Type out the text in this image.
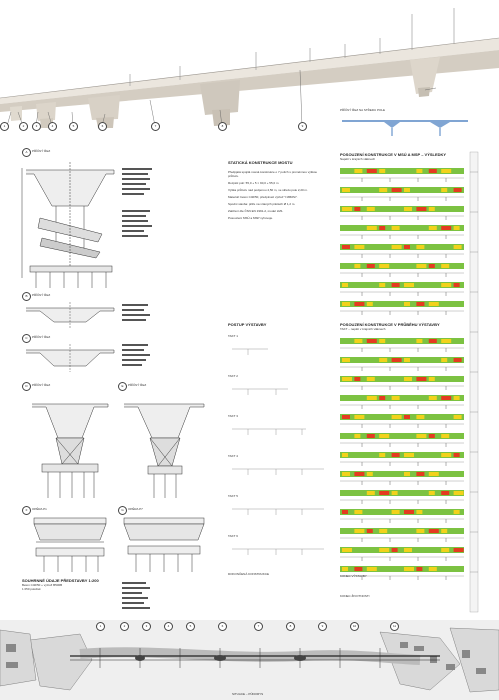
1	2	3	4	5	6	7	8	9
PŘÍČNÝ ŘEZ NA STŘEDU POLE
A	PŘÍČNÝ ŘEZ
B	PŘÍČNÝ ŘEZ
C	PŘÍČNÝ ŘEZ
D	PŘÍČNÝ ŘEZ	E	PŘÍČNÝ ŘEZ
F	OPĚRA P1	G	OPĚRA P7
SOUHRNNÉ ÚDAJE PŘEDSTAVBY 1:200
Beton C40/50 + výztuž B500B
1 050 položek
STATICKÁ KONSTRUKCE MOSTU
Předpjatá spojitá nosná konstrukce o 7 polích s proměnnou výškou průřezu.
Rozpětí polí: 55,0 + 5 × 90,0 + 55,0 m
Výška průřezu nad podporou 4,50 m, ve středu pole 2,20 m.
Materiál: beton C40/50, předpínací výztuž Y1860S7.
Spodní stavba: pilíře na vrtaných pilotách Ø 1,2 m.
Zatížení dle ČSN EN 1991-2, model LM1.
Posouzení MSÚ a MSP vyhovuje.
POSTUP VÝSTAVBY
TAKT 1
TAKT 2
TAKT 3
TAKT 4
TAKT 5
TAKT 6
DOKONČENÁ KONSTRUKCE
POSOUZENÍ KONSTRUKCE V MSÚ A MSP – VÝSLEDKY
Napětí v krajních vláknech
POSOUZENÍ KONSTRUKCE V PRŮBĚHU VÝSTAVBY
TAKT – napětí v krajních vláknech
KONEC VÝSTAVBY
KONEC ŽIVOTNOSTI
1	2	3	4	5	6	7	8	9	10	11
SITUACE – PŮDORYS
